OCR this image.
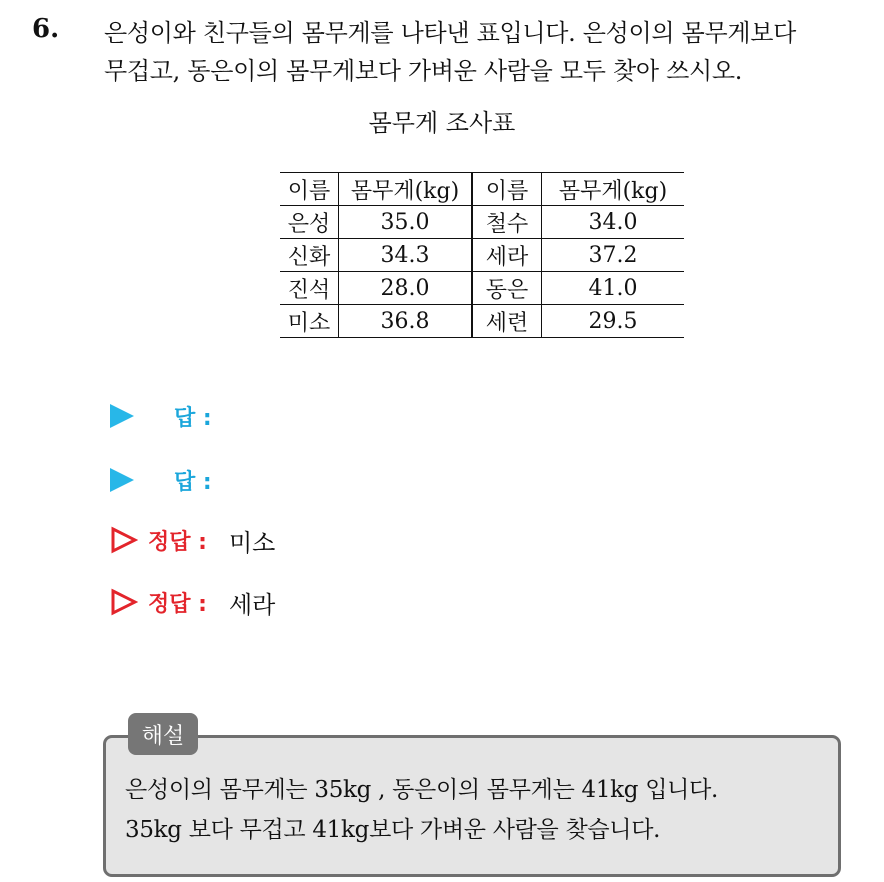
6. 은성이와 친구들의 몸무게를 나타낸 표입니다. 은성이의 몸무게보다
무겁고, 동은이의 몸무게보다 가벼운 사람을 모두 찾아 쓰시오.
몸무게 조사표
이름	몸무게(kg)	이름	몸무게(kg)
은성	35.0	철수	34.0
신화	34.3	세라	37.2
진석	28.0	동은	41.0
미소	36.8	세련	29.5
답 :
답 :
정답 : 미소
정답 : 세라
해설
은성이의 몸무게는 35kg , 동은이의 몸무게는 41kg 입니다.
35kg 보다 무겁고 41kg보다 가벼운 사람을 찾습니다.
